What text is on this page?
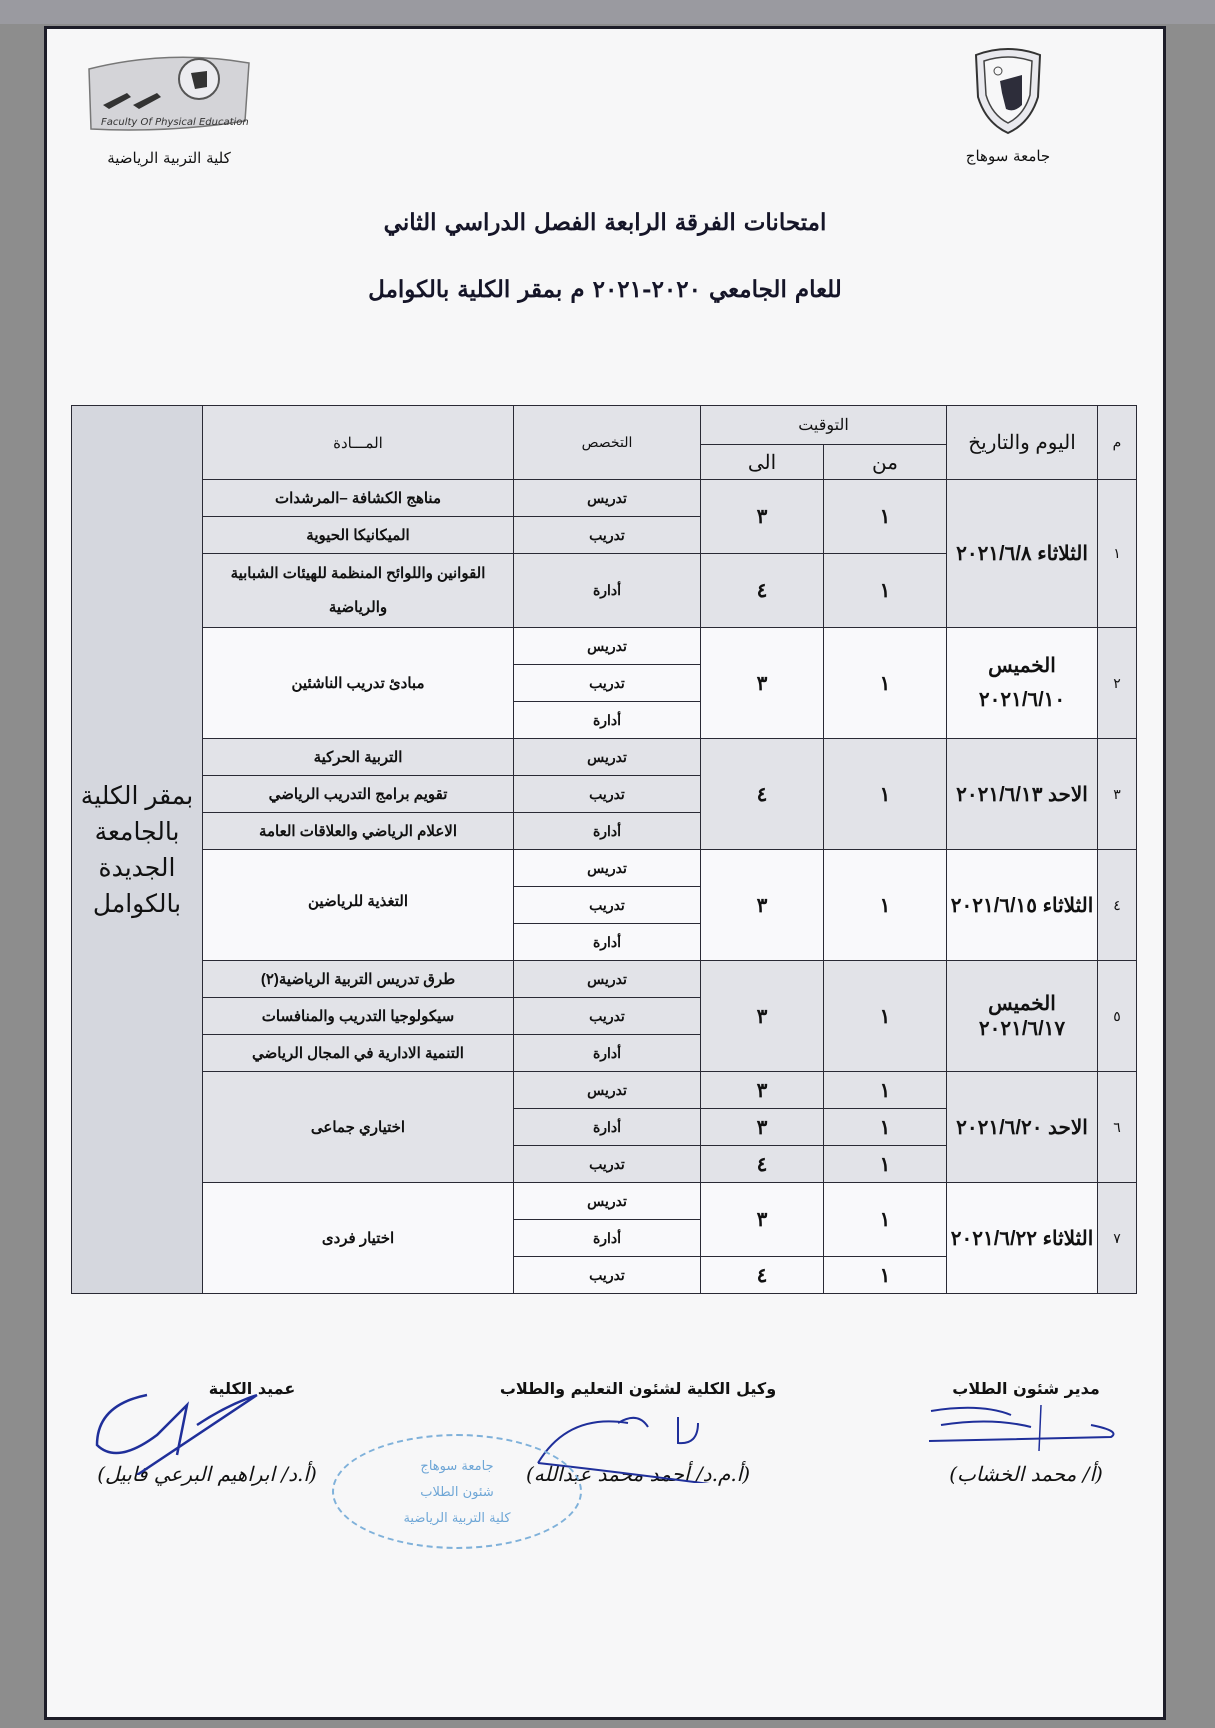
جامعة سوهاج
Faculty Of Physical Education
كلية التربية الرياضية
امتحانات الفرقة الرابعة الفصل الدراسي الثاني
للعام الجامعي ٢٠٢٠-٢٠٢١ م بمقر الكلية بالكوامل
م	اليوم والتاريخ	التوقيت		التخصص	المـــادة	بمقر الكلية بالجامعة الجديدة بالكوامل
		من	الى			
١	الثلاثاء ٢٠٢١/٦/٨	١	٣	تدريس	مناهج الكشافة –المرشدات	
				تدريب	الميكانيكا الحيوية	
		١	٤	أدارة	القوانين واللوائح المنظمة للهيئات الشبابية والرياضية	

٢	الخميس ٢٠٢١/٦/١٠	١	٣	تدريس	مبادئ تدريب الناشئين	
				تدريب		
				أدارة		
٣	الاحد ٢٠٢١/٦/١٣	١	٤	تدريس	التربية الحركية	
				تدريب	تقويم برامج التدريب الرياضي	
				أدارة	الاعلام الرياضي والعلاقات العامة	
٤	الثلاثاء ٢٠٢١/٦/١٥	١	٣	تدريس	التغذية للرياضين	
				تدريب		
				أدارة		
٥	الخميس ٢٠٢١/٦/١٧	١	٣	تدريس	طرق تدريس التربية الرياضية(٢)	
				تدريب	سيكولوجيا التدريب والمنافسات	
				أدارة	التنمية الادارية في المجال الرياضي	
٦	الاحد ٢٠٢١/٦/٢٠	١	٣	تدريس	اختياري جماعى	
		١	٣	أدارة		
		١	٤	تدريب		
٧	الثلاثاء ٢٠٢١/٦/٢٢	١	٣	تدريس	اختيار فردى	
				أدارة		
		١	٤	تدريب		
مدير شئون الطلاب
(أ/ محمد الخشاب)
وكيل الكلية لشئون التعليم والطلاب
(أ.م.د/ أحمد محمد عبدالله)
عميد الكلية
(أ.د/ ابراهيم البرعي قابيل)	جامعة سوهاج
شئون الطلاب
كلية التربية الرياضية
